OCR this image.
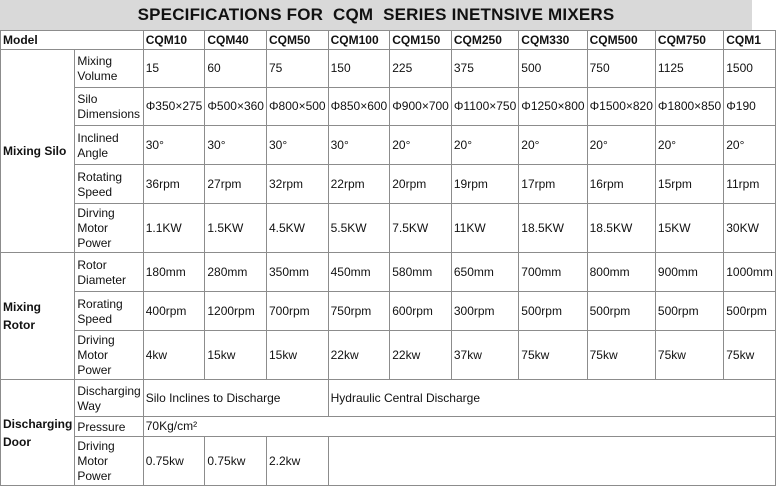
SPECIFICATIONS FOR  CQM  SERIES INETNSIVE MIXERS
Model		CQM10	CQM40	CQM50	CQM100	CQM150	CQM250	CQM330	CQM500	CQM750	CQM1
Mixing Silo	Mixing Volume	15	60	75	150	225	375	500	750	1125	1500
	Silo Dimensions	Φ350×275	Φ500×360	Φ800×500	Φ850×600	Φ900×700	Φ1100×750	Φ1250×800	Φ1500×820	Φ1800×850	Φ190
	Inclined Angle	30°	30°	30°	30°	20°	20°	20°	20°	20°	20°
	Rotating Speed	36rpm	27rpm	32rpm	22rpm	20rpm	19rpm	17rpm	16rpm	15rpm	11rpm
	Dirving Motor Power	1.1KW	1.5KW	4.5KW	5.5KW	7.5KW	11KW	18.5KW	18.5KW	15KW	30KW
Mixing Rotor	Rotor Diameter	180mm	280mm	350mm	450mm	580mm	650mm	700mm	800mm	900mm	1000mm
	Rorating Speed	400rpm	1200rpm	700rpm	750rpm	600rpm	300rpm	500rpm	500rpm	500rpm	500rpm
	Driving Motor Power	4kw	15kw	15kw	22kw	22kw	37kw	75kw	75kw	75kw	75kw
Discharging Door	Discharging Way	Silo Inclines to Discharge			Hydraulic Central Discharge						
	Pressure	70Kg/cm²									
	Driving Motor Power	0.75kw	0.75kw	2.2kw							
